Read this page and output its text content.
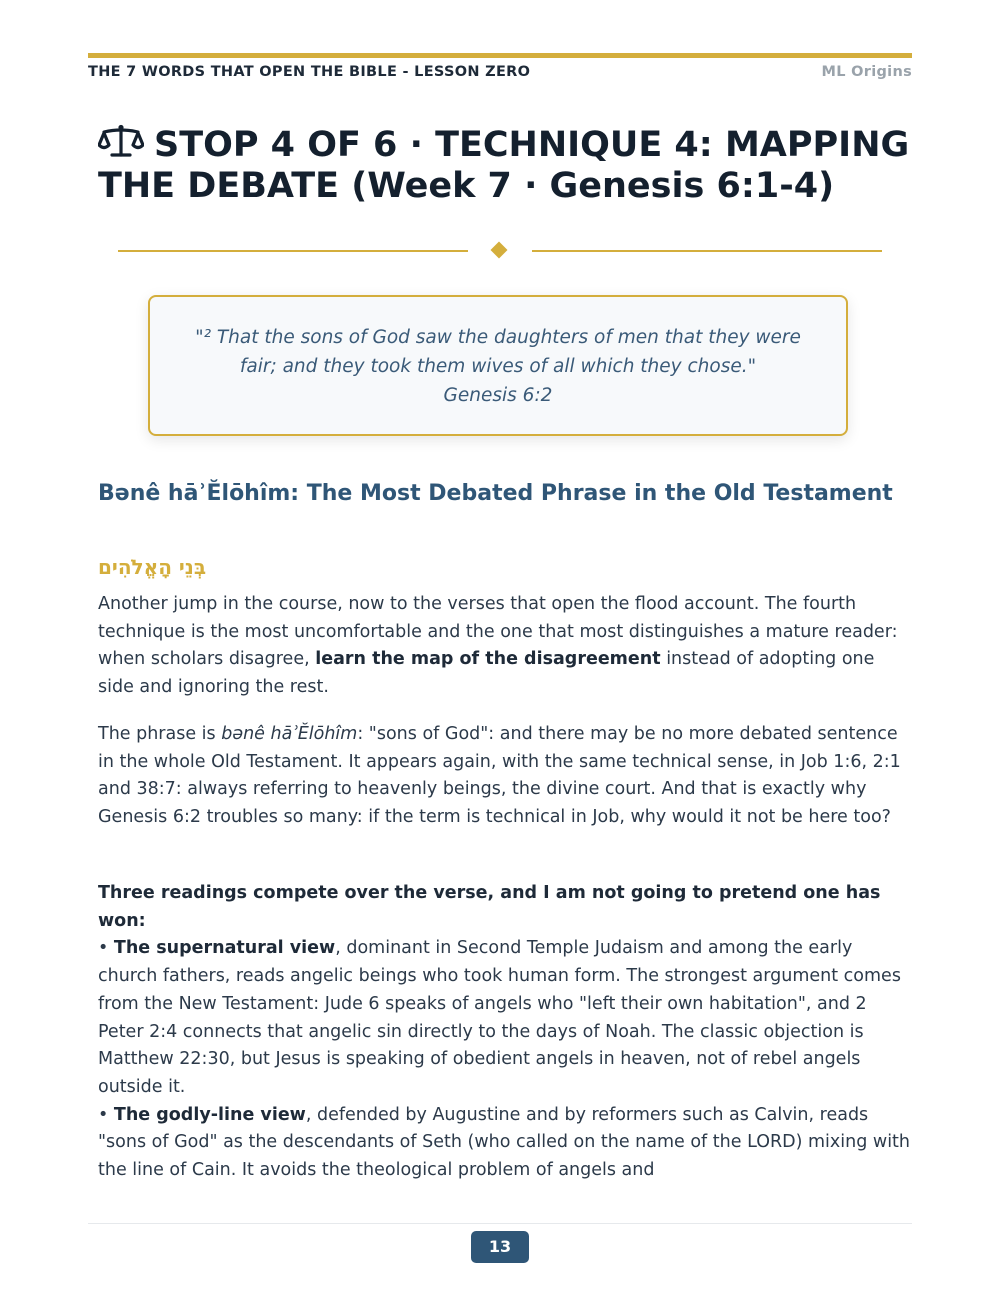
THE 7 WORDS THAT OPEN THE BIBLE - LESSON ZERO	ML Origins
STOP 4 OF 6 · TECHNIQUE 4: MAPPING THE DEBATE (Week 7 · Genesis 6:1-4)
"² That the sons of God saw the daughters of men that they were fair; and they took them wives of all which they chose."
Genesis 6:2
Bənê hāʾĔlōhîm: The Most Debated Phrase in the Old Testament
בְּנֵי הָאֱלֹהִים

Another jump in the course, now to the verses that open the flood account. The fourth technique is the most uncomfortable and the one that most distinguishes a mature reader: when scholars disagree, learn the map of the disagreement instead of adopting one side and ignoring the rest.

The phrase is bənê hāʾĔlōhîm: "sons of God": and there may be no more debated sentence in the whole Old Testament. It appears again, with the same technical sense, in Job 1:6, 2:1 and 38:7: always referring to heavenly beings, the divine court. And that is exactly why Genesis 6:2 troubles so many: if the term is technical in Job, why would it not be here too?

Three readings compete over the verse, and I am not going to pretend one has won:
• The supernatural view, dominant in Second Temple Judaism and among the early church fathers, reads angelic beings who took human form. The strongest argument comes from the New Testament: Jude 6 speaks of angels who "left their own habitation", and 2 Peter 2:4 connects that angelic sin directly to the days of Noah. The classic objection is Matthew 22:30, but Jesus is speaking of obedient angels in heaven, not of rebel angels outside it.
• The godly-line view, defended by Augustine and by reformers such as Calvin, reads "sons of God" as the descendants of Seth (who called on the name of the LORD) mixing with the line of Cain. It avoids the theological problem of angels and
13
